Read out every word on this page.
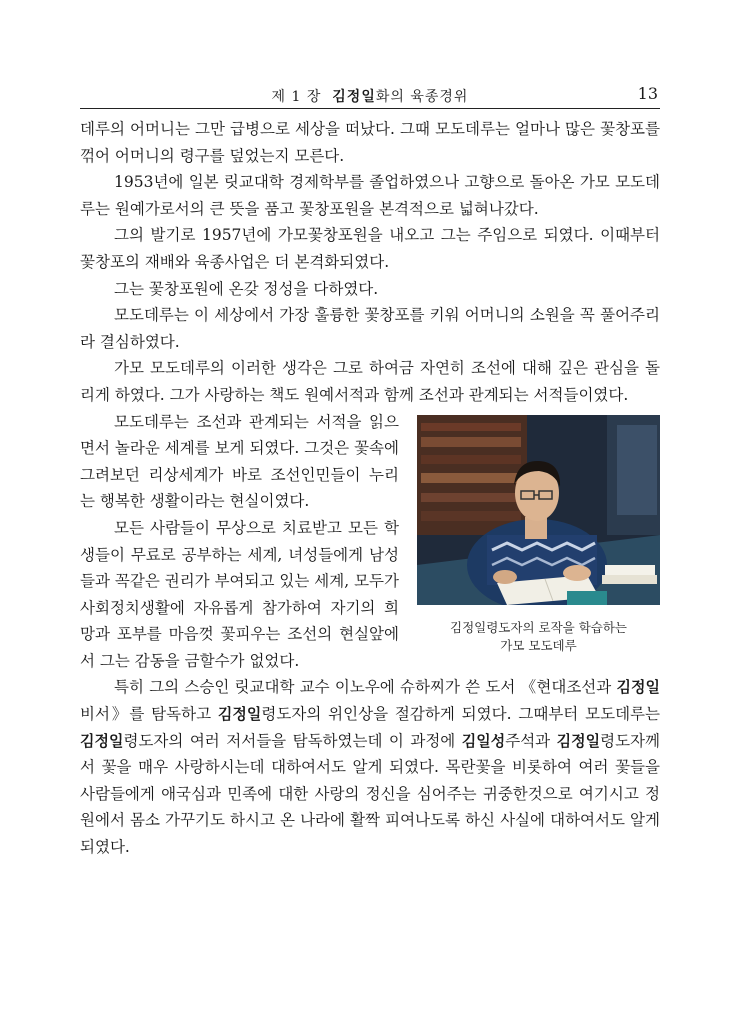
제 1 장 김정일화의 육종경위	13

데루의 어머니는 그만 급병으로 세상을 떠났다. 그때 모도데루는 얼마나 많은 꽃창포를 꺾어 어머니의 령구를 덮었는지 모른다.

1953년에 일본 릿교대학 경제학부를 졸업하였으나 고향으로 돌아온 가모 모도데루는 원예가로서의 큰 뜻을 품고 꽃창포원을 본격적으로 넓혀나갔다.

그의 발기로 1957년에 가모꽃창포원을 내오고 그는 주임으로 되였다. 이때부터 꽃창포의 재배와 육종사업은 더 본격화되였다.

그는 꽃창포원에 온갖 정성을 다하였다.

모도데루는 이 세상에서 가장 훌륭한 꽃창포를 키워 어머니의 소원을 꼭 풀어주리라 결심하였다.

가모 모도데루의 이러한 생각은 그로 하여금 자연히 조선에 대해 깊은 관심을 돌리게 하였다. 그가 사랑하는 책도 원예서적과 함께 조선과 관계되는 서적들이였다.

김정일령도자의 로작을 학습하는
가모 모도데루

모도데루는 조선과 관계되는 서적을 읽으면서 놀라운 세계를 보게 되였다. 그것은 꽃속에 그려보던 리상세계가 바로 조선인민들이 누리는 행복한 생활이라는 현실이였다.

모든 사람들이 무상으로 치료받고 모든 학생들이 무료로 공부하는 세계, 녀성들에게 남성들과 꼭같은 권리가 부여되고 있는 세계, 모두가 사회정치생활에 자유롭게 참가하여 자기의 희망과 포부를 마음껏 꽃피우는 조선의 현실앞에서 그는 감동을 금할수가 없었다.

특히 그의 스승인 릿교대학 교수 이노우에 슈하찌가 쓴 도서 《현대조선과 김정일비서》를 탐독하고 김정일령도자의 위인상을 절감하게 되였다. 그때부터 모도데루는 김정일령도자의 여러 저서들을 탐독하였는데 이 과정에 김일성주석과 김정일령도자께서 꽃을 매우 사랑하시는데 대하여서도 알게 되였다. 목란꽃을 비롯하여 여러 꽃들을 사람들에게 애국심과 민족에 대한 사랑의 정신을 심어주는 귀중한것으로 여기시고 정원에서 몸소 가꾸기도 하시고 온 나라에 활짝 피여나도록 하신 사실에 대하여서도 알게 되였다.
